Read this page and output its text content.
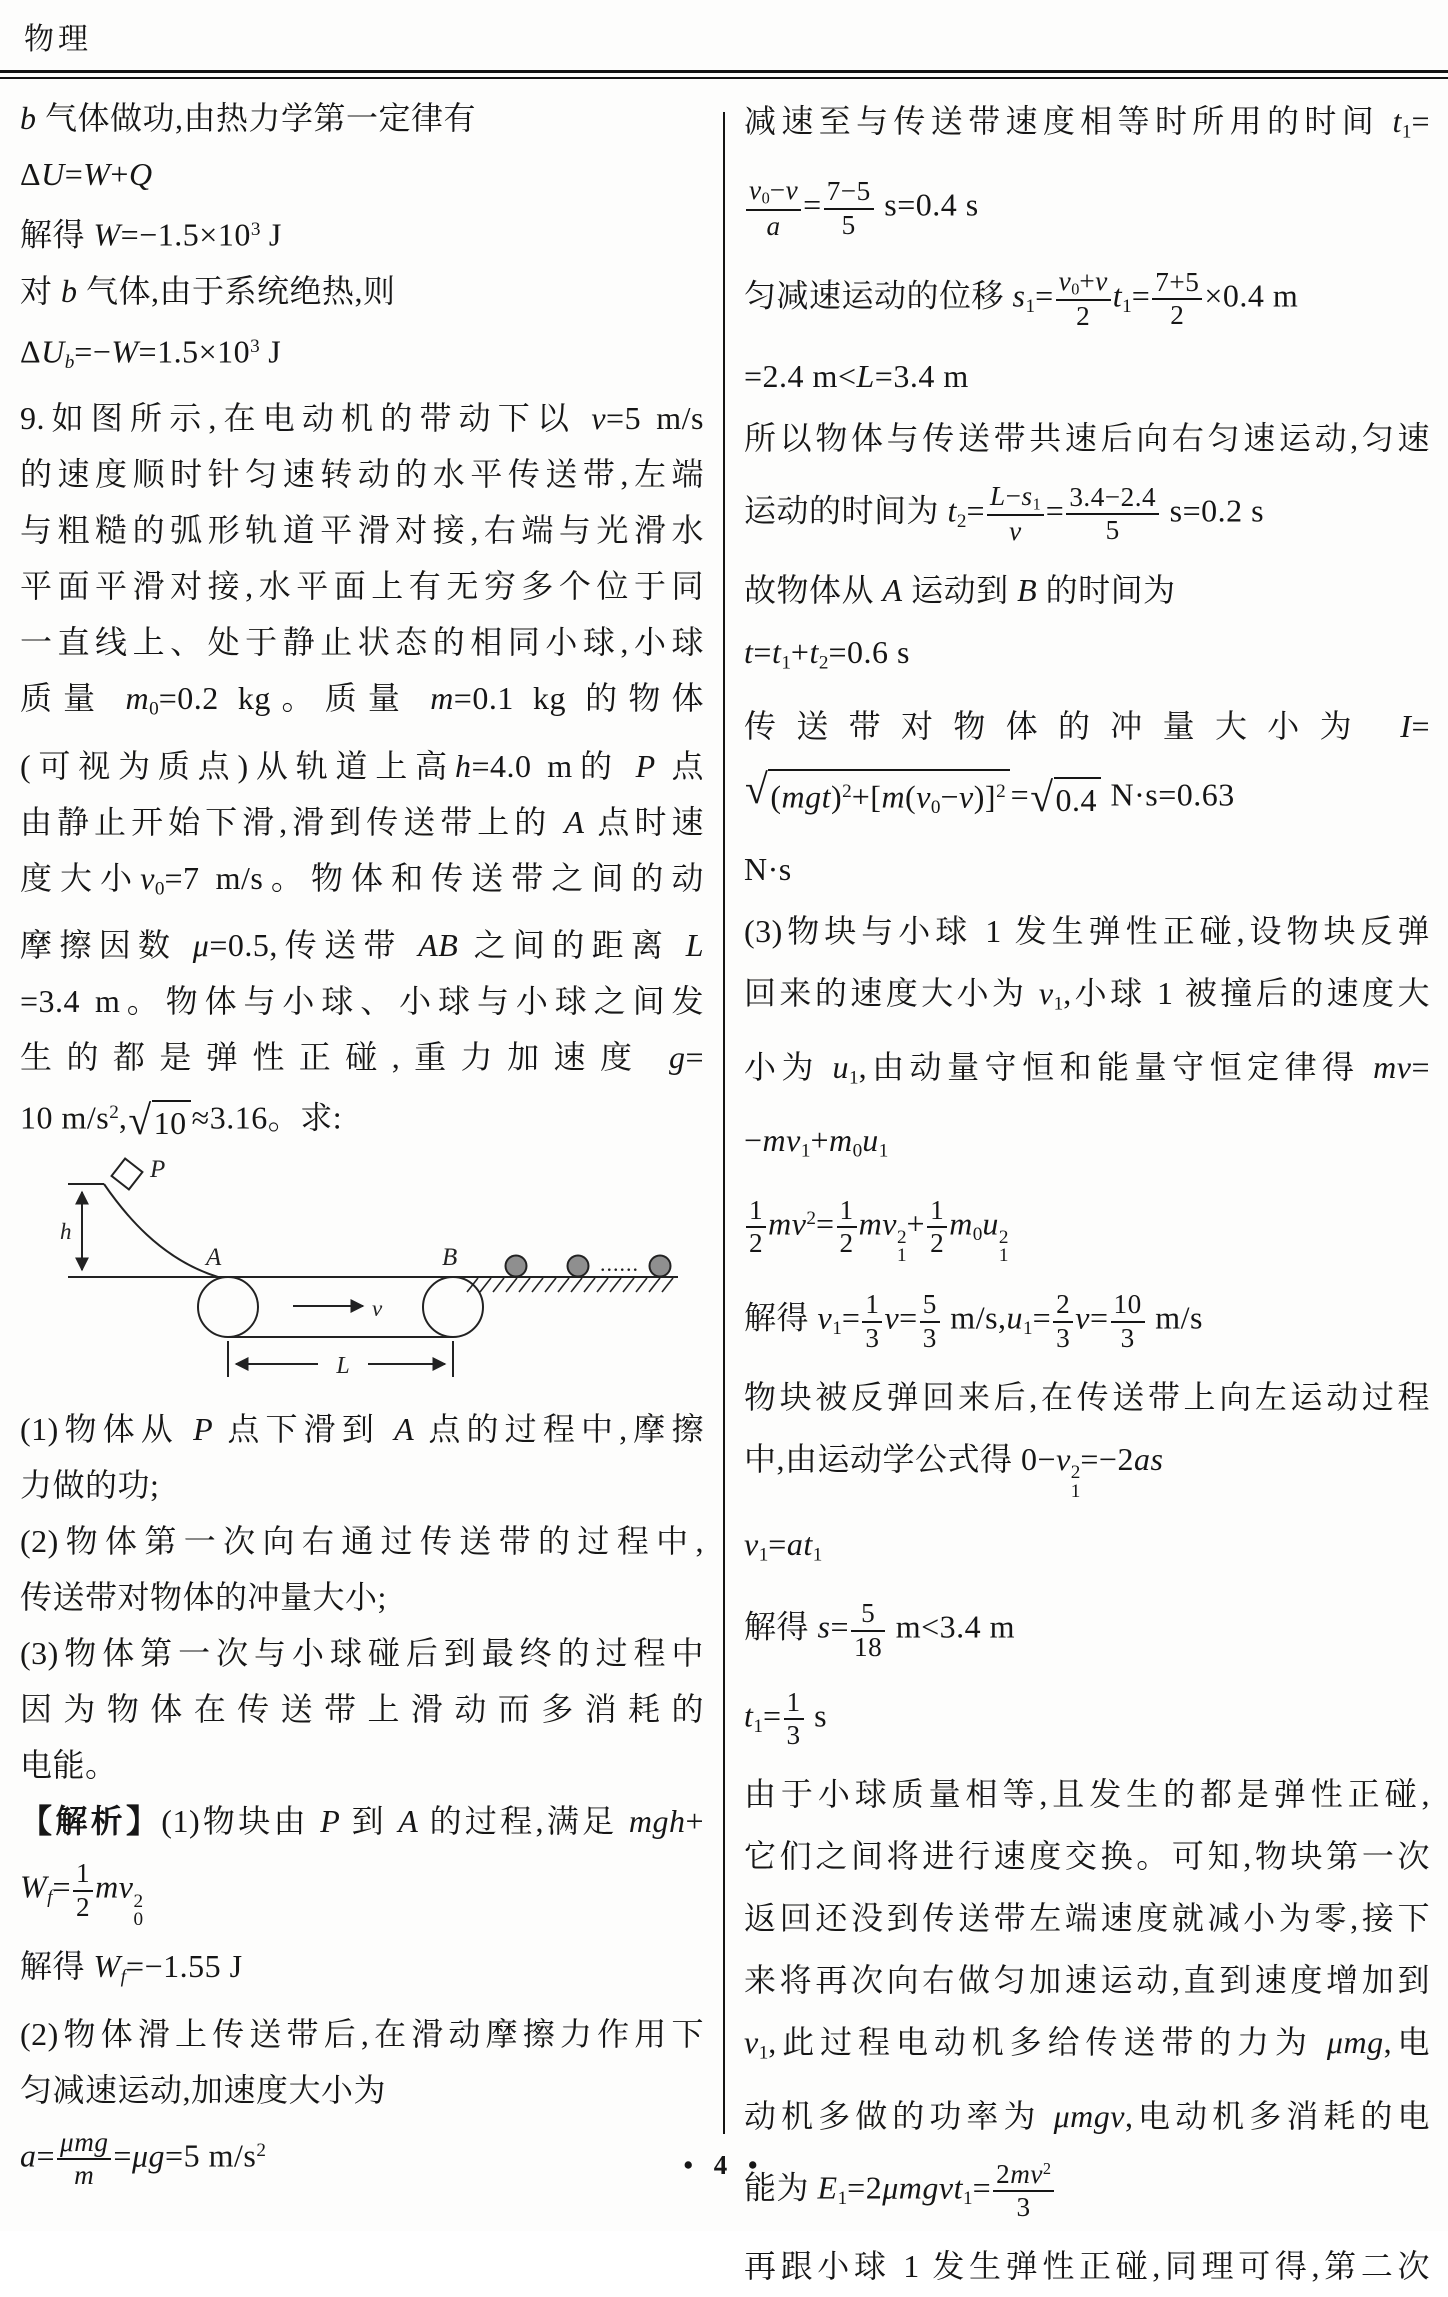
物理
b 气体做功,由热力学第一定律有
ΔU=W+Q
解得 $W=-1.5\times 10^3$ J
对 b 气体,由于系统绝热,则
$\Delta Ub=-W=1.5\times 10^3$ J
9.如图所示,在电动机的带动下以 v=5 m/s
的速度顺时针匀速转动的水平传送带,左端
与粗糙的弧形轨道平滑对接,右端与光滑水
平面平滑对接,水平面上有无穷多个位于同
一直线上、处于静止状态的相同小球,小球
质量 m0=0.2 kg。质量 m=0.1 kg 的物体
(可视为质点)从轨道上高h=4.0 m的 P 点
由静止开始下滑,滑到传送带上的 A 点时速
度大小v0=7 m/s。物体和传送带之间的动
摩擦因数 μ=0.5,传送带 AB 之间的距离 L
=3.4 m。物体与小球、小球与小球之间发
生的都是弹性正碰,重力加速度 g=
10 $m/s^2$, √ 10 ≈3.16。求:
P
h
A	B
v
......
L
(1)物体从 P 点下滑到 A 点的过程中,摩擦
力做的功;
(2)物体第一次向右通过传送带的过程中,
传送带对物体的冲量大小;
(3)物体第一次与小球碰后到最终的过程中
因为物体在传送带上滑动而多消耗的
电能。
【解析】(1)物块由 P 到 A 的过程,满足 mgh+
$Wf= \frac{1}{2}$ mv 2
0
解得 Wf=−1.55 J
(2)物体滑上传送带后,在滑动摩擦力作用下
匀减速运动,加速度大小为
a= μmg
m
=μg=5 $m/s^2$
减速至与传送带速度相等时所用的时间 t1=
$\frac{v0-v}{a} = \frac{7-5}{5} s=0.4$ s
匀减速运动的位移 $s1= \frac{v0+v}{2} t1= \frac{7+5}{2} \times 0.4$ m
=2.4 m<L=3.4 m
所以物体与传送带共速后向右匀速运动,匀速
运动的时间为 $t2= \frac{L-s1}{v} = \frac{3.4-2.4}{5} s=0.2$ s
故物体从 A 运动到 B 的时间为
t=t1+t2=0.6 s
传送带对物体的冲量大小为 I=
√ $(mgt)^2+[m(v0-v)]^2$ = √ 0.4 N·s=0.63
N·s
(3)物块与小球 1 发生弹性正碰,设物块反弹
回来的速度大小为 v1,小球 1 被撞后的速度大
小为 u1,由动量守恒和能量守恒定律得 mv=
−mv1+m0u1
$\frac{1}{2} mv^2= \frac{1}{2}$ mv 2
1
+ $\frac{1}{2} m0u$ 2
1
解得 $v1= \frac{1}{3} v= \frac{5}{3} m/s,u1= \frac{2}{3} v= \frac{10}{3} m/s$
物块被反弹回来后,在传送带上向左运动过程
中,由运动学公式得 0−v 2
1
=−2as
v1=at1
解得 $s= \frac{5}{18} m<3.4$ m
$t1= \frac{1}{3}$ s
由于小球质量相等,且发生的都是弹性正碰,
它们之间将进行速度交换。可知,物块第一次
返回还没到传送带左端速度就减小为零,接下
来将再次向右做匀加速运动,直到速度增加到
v1,此过程电动机多给传送带的力为 μmg,电
动机多做的功率为 μmgv,电动机多消耗的电
能为 E1=2μmgvt1= $\frac{2mv^2}{3}$
再跟小球 1 发生弹性正碰,同理可得,第二次
• 4 •
